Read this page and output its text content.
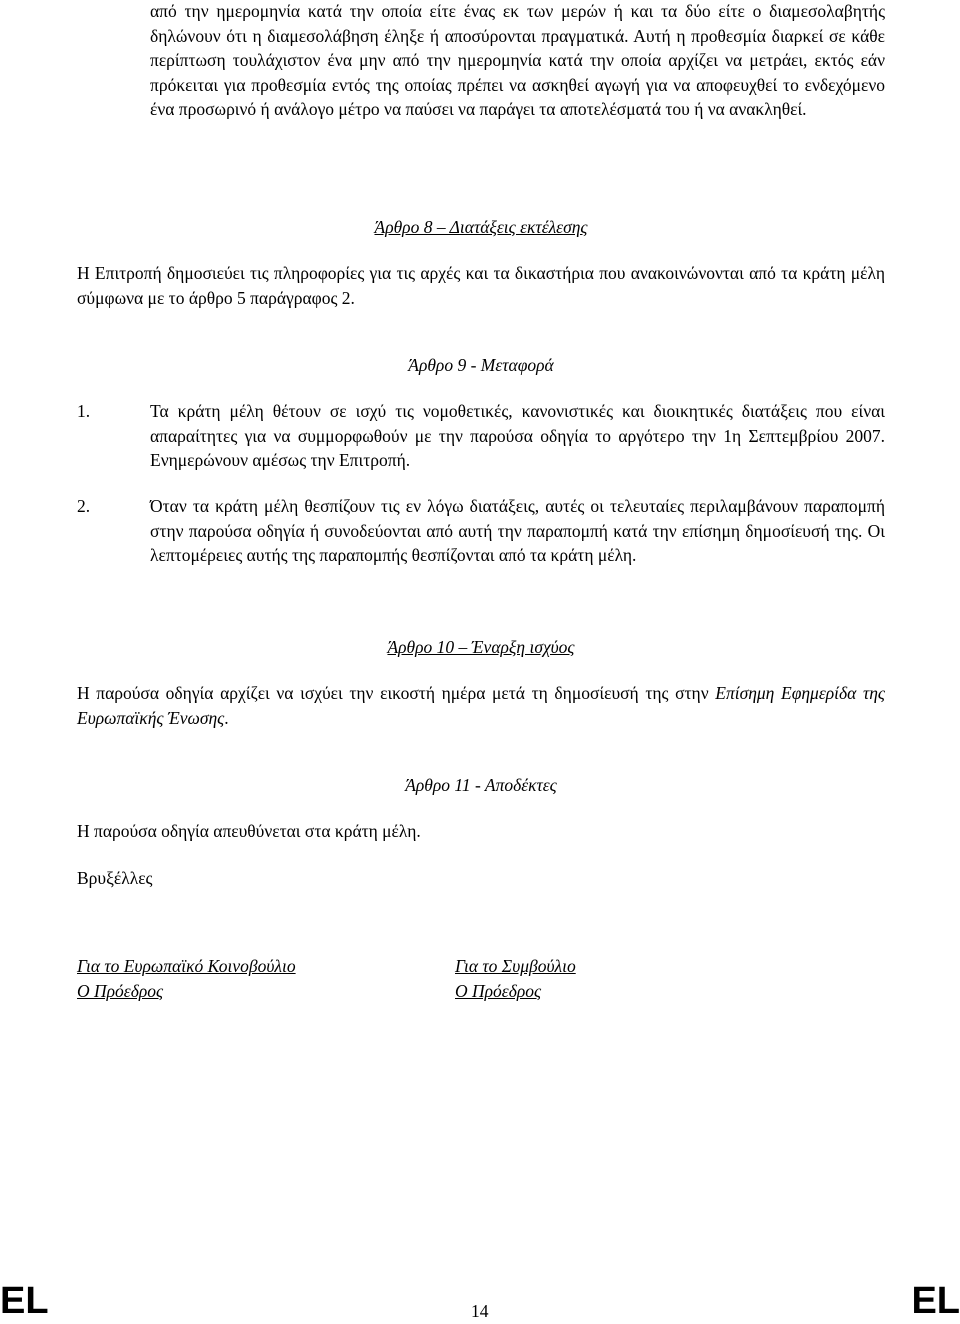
από την ημερομηνία κατά την οποία είτε ένας εκ των μερών ή και τα δύο είτε ο διαμεσολαβητής δηλώνουν ότι η διαμεσολάβηση έληξε ή αποσύρονται πραγματικά. Αυτή η προθεσμία διαρκεί σε κάθε περίπτωση τουλάχιστον ένα μην από την ημερομηνία κατά την οποία αρχίζει να μετράει, εκτός εάν πρόκειται για προθεσμία εντός της οποίας πρέπει να ασκηθεί αγωγή για να αποφευχθεί το ενδεχόμενο ένα προσωρινό ή ανάλογο μέτρο να παύσει να παράγει τα αποτελέσματά του ή να ανακληθεί.
Άρθρο 8 – Διατάξεις εκτέλεσης
Η Επιτροπή δημοσιεύει τις πληροφορίες για τις αρχές και τα δικαστήρια που ανακοινώνονται από τα κράτη μέλη σύμφωνα με το άρθρο 5 παράγραφος 2.
Άρθρο 9 - Μεταφορά
1.	Τα κράτη μέλη θέτουν σε ισχύ τις νομοθετικές, κανονιστικές και διοικητικές διατάξεις που είναι απαραίτητες για να συμμορφωθούν με την παρούσα οδηγία το αργότερο την 1η Σεπτεμβρίου 2007. Ενημερώνουν αμέσως την Επιτροπή.
2.	Όταν τα κράτη μέλη θεσπίζουν τις εν λόγω διατάξεις, αυτές οι τελευταίες περιλαμβάνουν παραπομπή στην παρούσα οδηγία ή συνοδεύονται από αυτή την παραπομπή κατά την επίσημη δημοσίευσή της. Οι λεπτομέρειες αυτής της παραπομπής θεσπίζονται από τα κράτη μέλη.
Άρθρο 10 – Έναρξη ισχύος
Η παρούσα οδηγία αρχίζει να ισχύει την εικοστή ημέρα μετά τη δημοσίευσή της στην Επίσημη Εφημερίδα της Ευρωπαϊκής Ένωσης.
Άρθρο 11 - Αποδέκτες
Η παρούσα οδηγία απευθύνεται στα κράτη μέλη.
Βρυξέλλες
Για το Ευρωπαϊκό Κοινοβούλιο
Ο Πρόεδρος
Για το Συμβούλιο
Ο Πρόεδρος
EL	14	EL
